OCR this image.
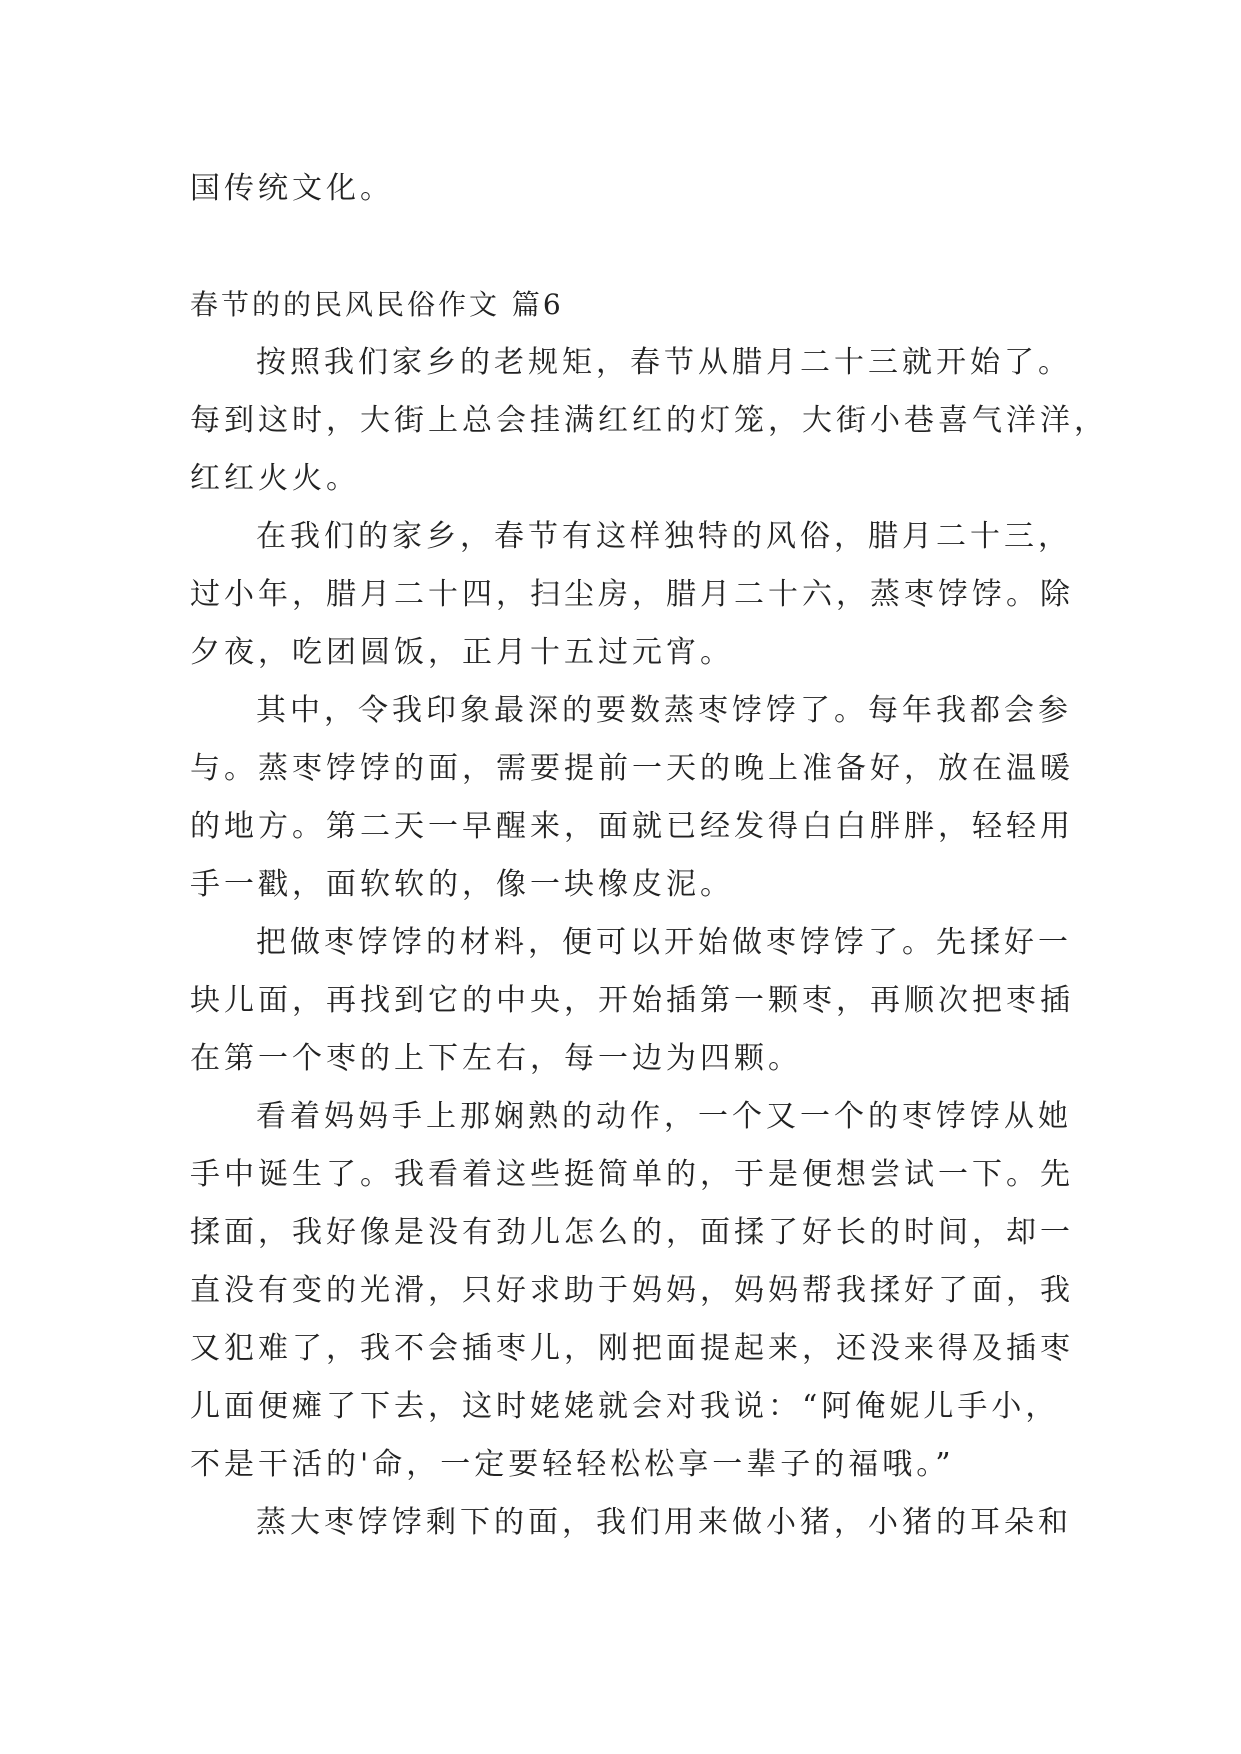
国传统文化。
春节的的民风民俗作文 篇6
按照我们家乡的老规矩，春节从腊月二十三就开始了。
每到这时，大街上总会挂满红红的灯笼，大街小巷喜气洋洋，
红红火火。
在我们的家乡，春节有这样独特的风俗，腊月二十三，
过小年，腊月二十四，扫尘房，腊月二十六，蒸枣饽饽。除
夕夜，吃团圆饭，正月十五过元宵。
其中，令我印象最深的要数蒸枣饽饽了。每年我都会参
与。蒸枣饽饽的面，需要提前一天的晚上准备好，放在温暖
的地方。第二天一早醒来，面就已经发得白白胖胖，轻轻用
手一戳，面软软的，像一块橡皮泥。
把做枣饽饽的材料，便可以开始做枣饽饽了。先揉好一
块儿面，再找到它的中央，开始插第一颗枣，再顺次把枣插
在第一个枣的上下左右，每一边为四颗。
看着妈妈手上那娴熟的动作，一个又一个的枣饽饽从她
手中诞生了。我看着这些挺简单的，于是便想尝试一下。先
揉面，我好像是没有劲儿怎么的，面揉了好长的时间，却一
直没有变的光滑，只好求助于妈妈，妈妈帮我揉好了面，我
又犯难了，我不会插枣儿，刚把面提起来，还没来得及插枣
儿面便瘫了下去，这时姥姥就会对我说：“阿俺妮儿手小，
不是干活的'命，一定要轻轻松松享一辈子的福哦。”
蒸大枣饽饽剩下的面，我们用来做小猪，小猪的耳朵和
